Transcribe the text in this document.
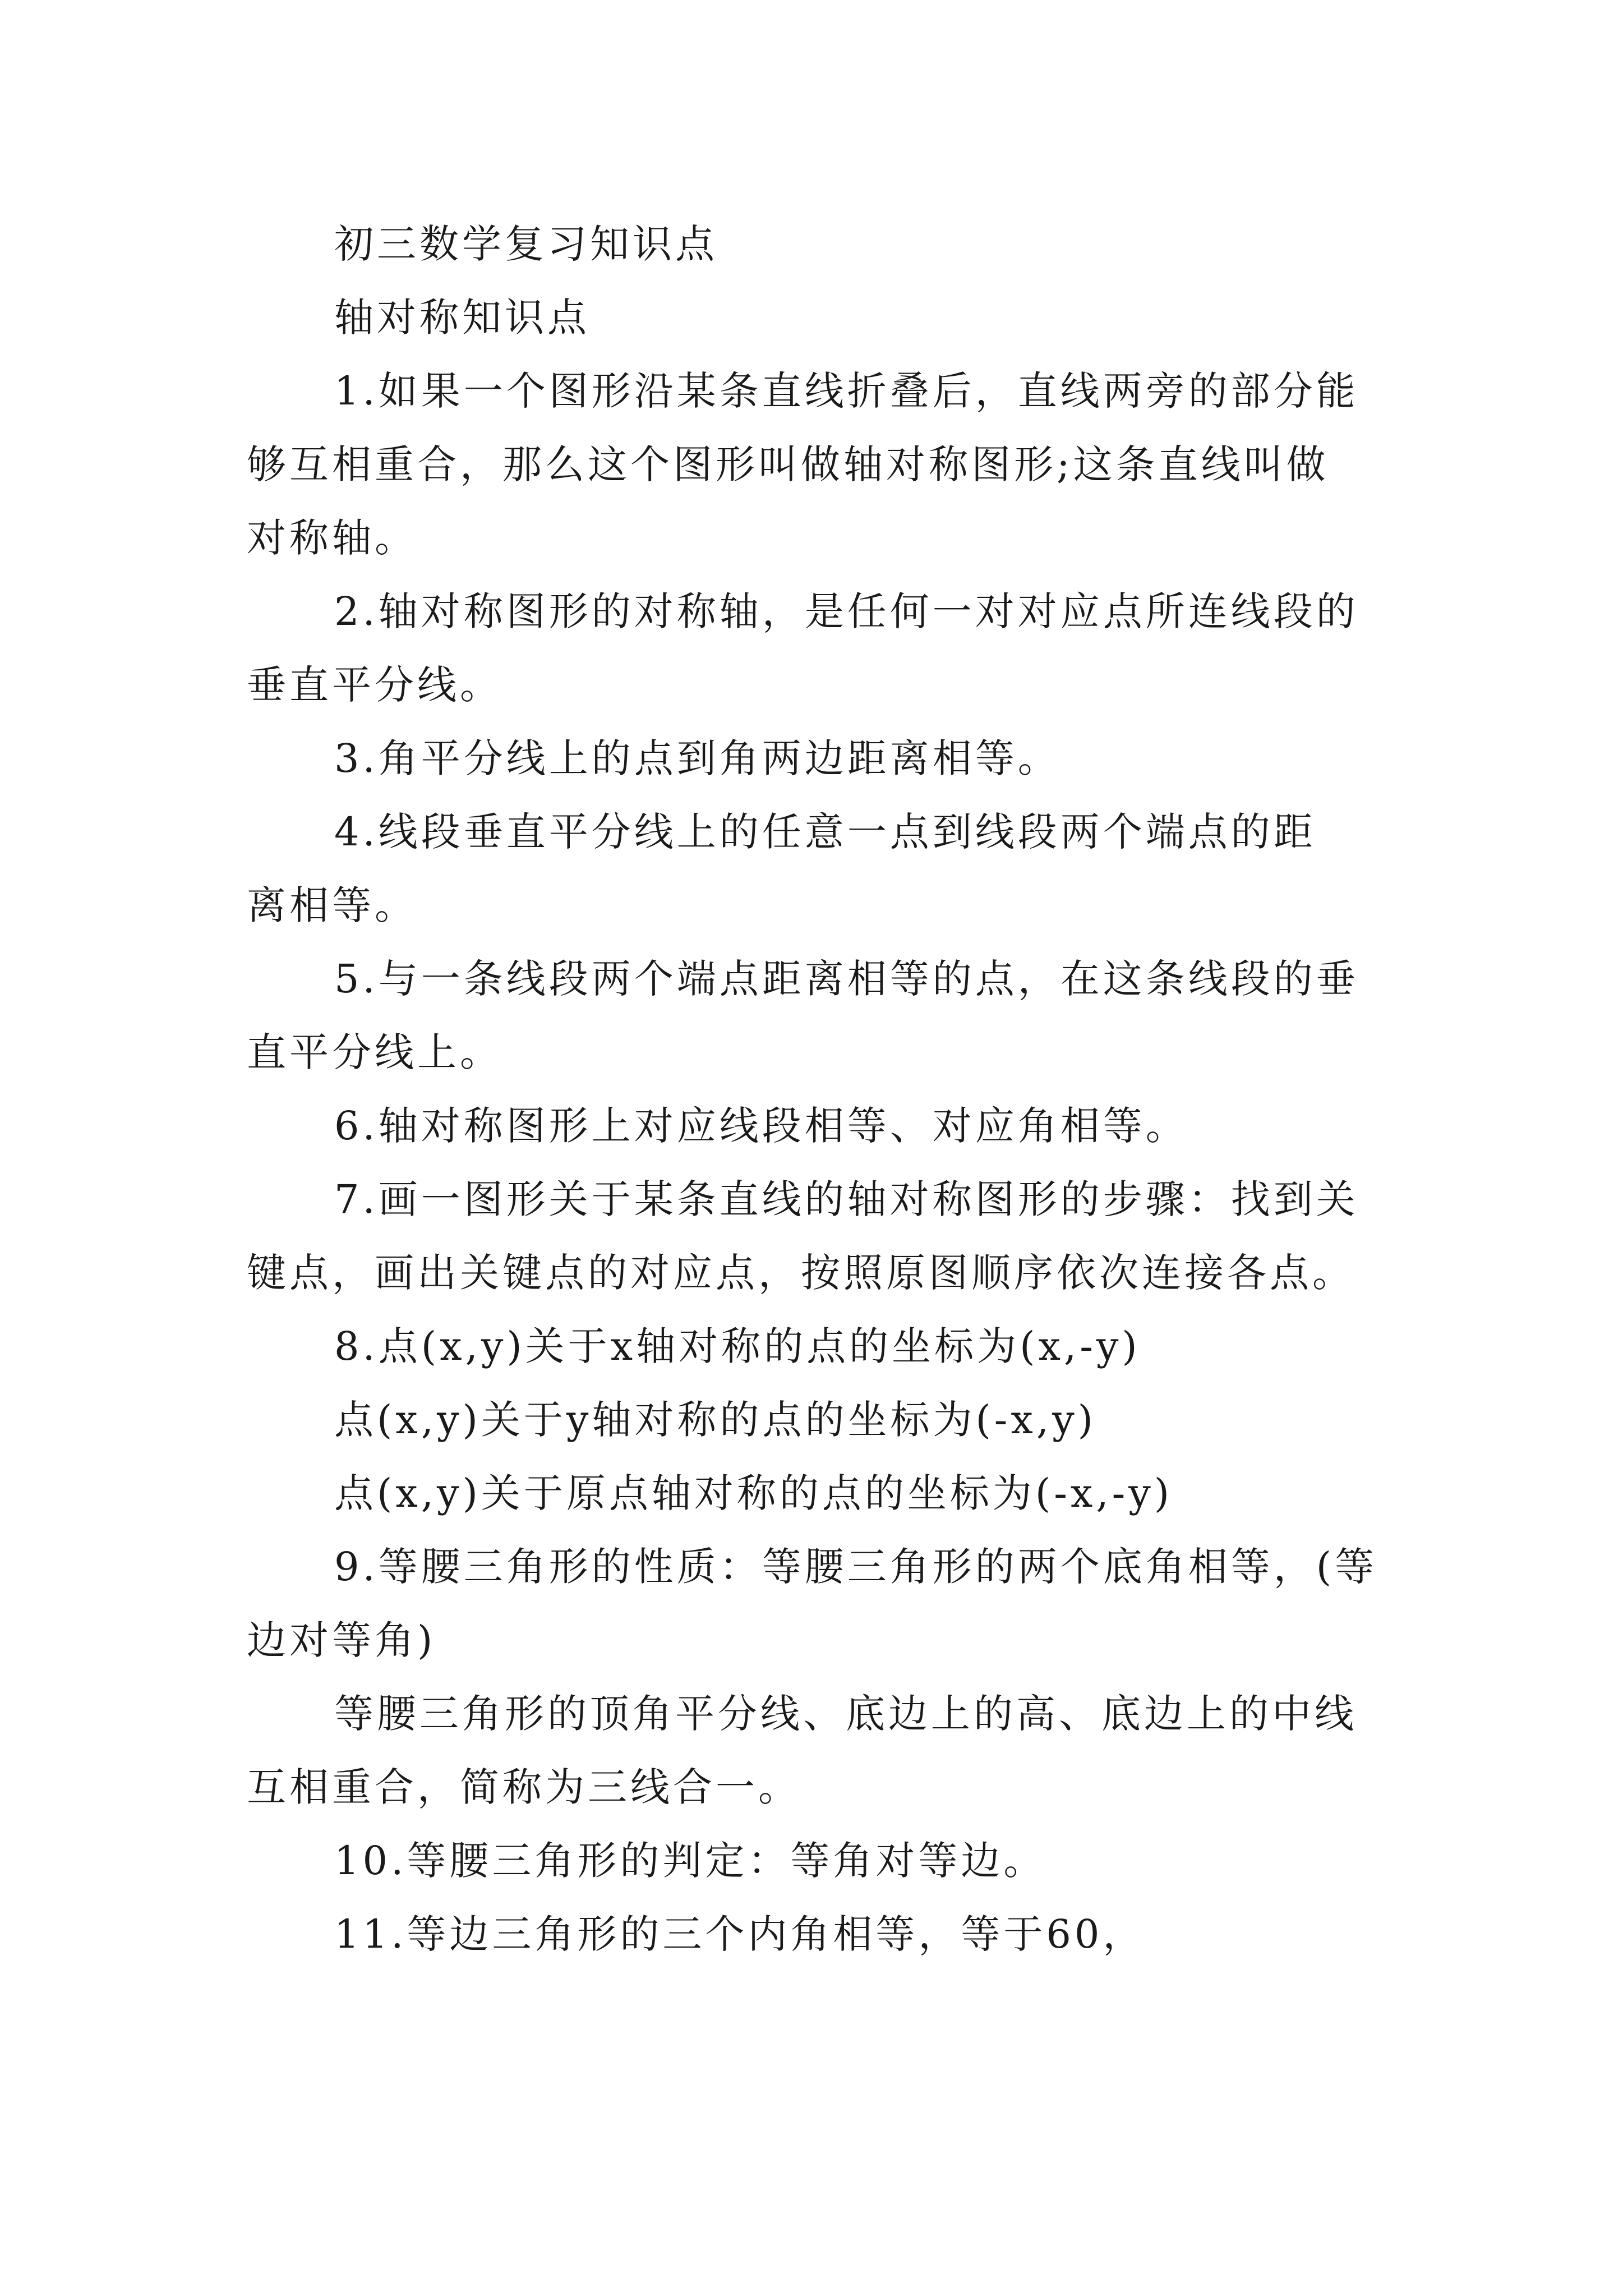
初三数学复习知识点
轴对称知识点
1.如果一个图形沿某条直线折叠后，直线两旁的部分能
够互相重合，那么这个图形叫做轴对称图形;这条直线叫做
对称轴。
2.轴对称图形的对称轴，是任何一对对应点所连线段的
垂直平分线。
3.角平分线上的点到角两边距离相等。
4.线段垂直平分线上的任意一点到线段两个端点的距
离相等。
5.与一条线段两个端点距离相等的点，在这条线段的垂
直平分线上。
6.轴对称图形上对应线段相等、对应角相等。
7.画一图形关于某条直线的轴对称图形的步骤：找到关
键点，画出关键点的对应点，按照原图顺序依次连接各点。
8.点(x,y)关于x轴对称的点的坐标为(x,-y)
点(x,y)关于y轴对称的点的坐标为(-x,y)
点(x,y)关于原点轴对称的点的坐标为(-x,-y)
9.等腰三角形的性质：等腰三角形的两个底角相等，(等
边对等角)
等腰三角形的顶角平分线、底边上的高、底边上的中线
互相重合，简称为三线合一。
10.等腰三角形的判定：等角对等边。
11.等边三角形的三个内角相等，等于60，
